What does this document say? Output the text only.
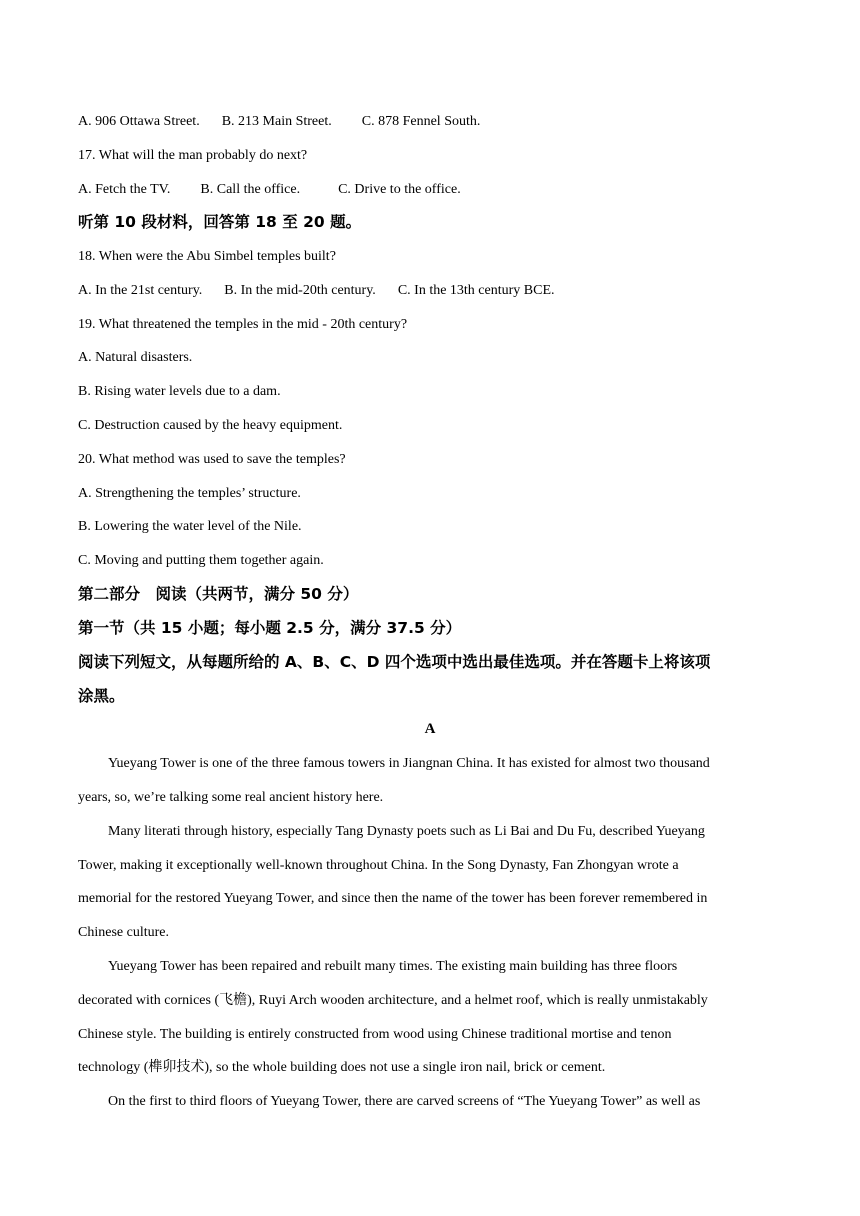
A. 906 Ottawa Street. B. 213 Main Street. C. 878 Fennel South.
17. What will the man probably do next?
A. Fetch the TV. B. Call the office.	C. Drive to the office.
听第 10 段材料，回答第 18 至 20 题。
18. When were the Abu Simbel temples built?
A. In the 21st century. B. In the mid-20th century. C. In the 13th century BCE.
19. What threatened the temples in the mid - 20th century?
A. Natural disasters.
B. Rising water levels due to a dam.
C. Destruction caused by the heavy equipment.
20. What method was used to save the temples?
A. Strengthening the temples’ structure.
B. Lowering the water level of the Nile.
C. Moving and putting them together again.
第二部分　阅读（共两节，满分 50 分）
第一节（共 15 小题；每小题 2.5 分，满分 37.5 分）
阅读下列短文，从每题所给的 A、B、C、D 四个选项中选出最佳选项。并在答题卡上将该项
涂黑。
A
Yueyang Tower is one of the three famous towers in Jiangnan China. It has existed for almost two thousand
years, so, we’re talking some real ancient history here.
Many literati through history, especially Tang Dynasty poets such as Li Bai and Du Fu, described Yueyang
Tower, making it exceptionally well-known throughout China. In the Song Dynasty, Fan Zhongyan wrote a
memorial for the restored Yueyang Tower, and since then the name of the tower has been forever remembered in
Chinese culture.
Yueyang Tower has been repaired and rebuilt many times. The existing main building has three floors
decorated with cornices (飞檐), Ruyi Arch wooden architecture, and a helmet roof, which is really unmistakably
Chinese style. The building is entirely constructed from wood using Chinese traditional mortise and tenon
technology (榫卯技术), so the whole building does not use a single iron nail, brick or cement.
On the first to third floors of Yueyang Tower, there are carved screens of “The Yueyang Tower” as well as
